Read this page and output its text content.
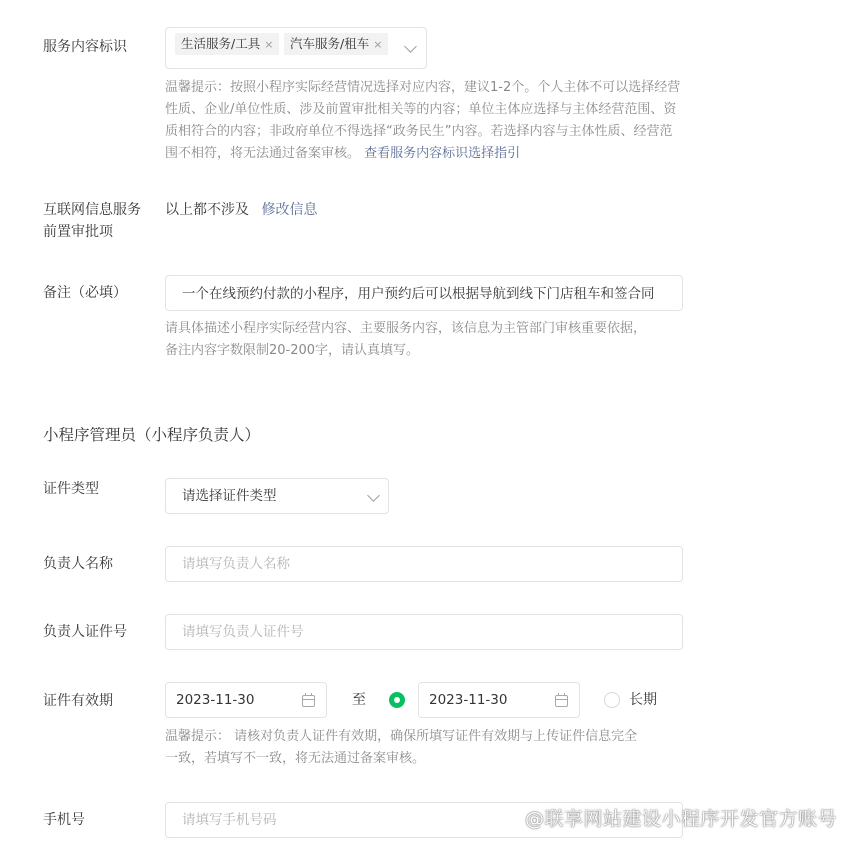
服务内容标识	生活服务/工具 ×	汽车服务/租车 ×
温馨提示：按照小程序实际经营情况选择对应内容，建议1-2个。个人主体不可以选择经营性质、企业/单位性质、涉及前置审批相关等的内容；单位主体应选择与主体经营范围、资质相符合的内容；非政府单位不得选择“政务民生”内容。若选择内容与主体性质、经营范围不相符，将无法通过备案审核。 查看服务内容标识选择指引
互联网信息服务
前置审批项
以上都不涉及 修改信息
备注（必填）	一个在线预约付款的小程序，用户预约后可以根据导航到线下门店租车和签合同
请具体描述小程序实际经营内容、主要服务内容，该信息为主管部门审核重要依据，
备注内容字数限制20-200字，请认真填写。
小程序管理员（小程序负责人）
证件类型	请选择证件类型
负责人名称	请填写负责人名称
负责人证件号	请填写负责人证件号
证件有效期	2023-11-30	至	2023-11-30	长期
温馨提示： 请核对负责人证件有效期，确保所填写证件有效期与上传证件信息完全
一致，若填写不一致，将无法通过备案审核。
手机号	请填写手机号码	@联享网站建设小程序开发官方账号
